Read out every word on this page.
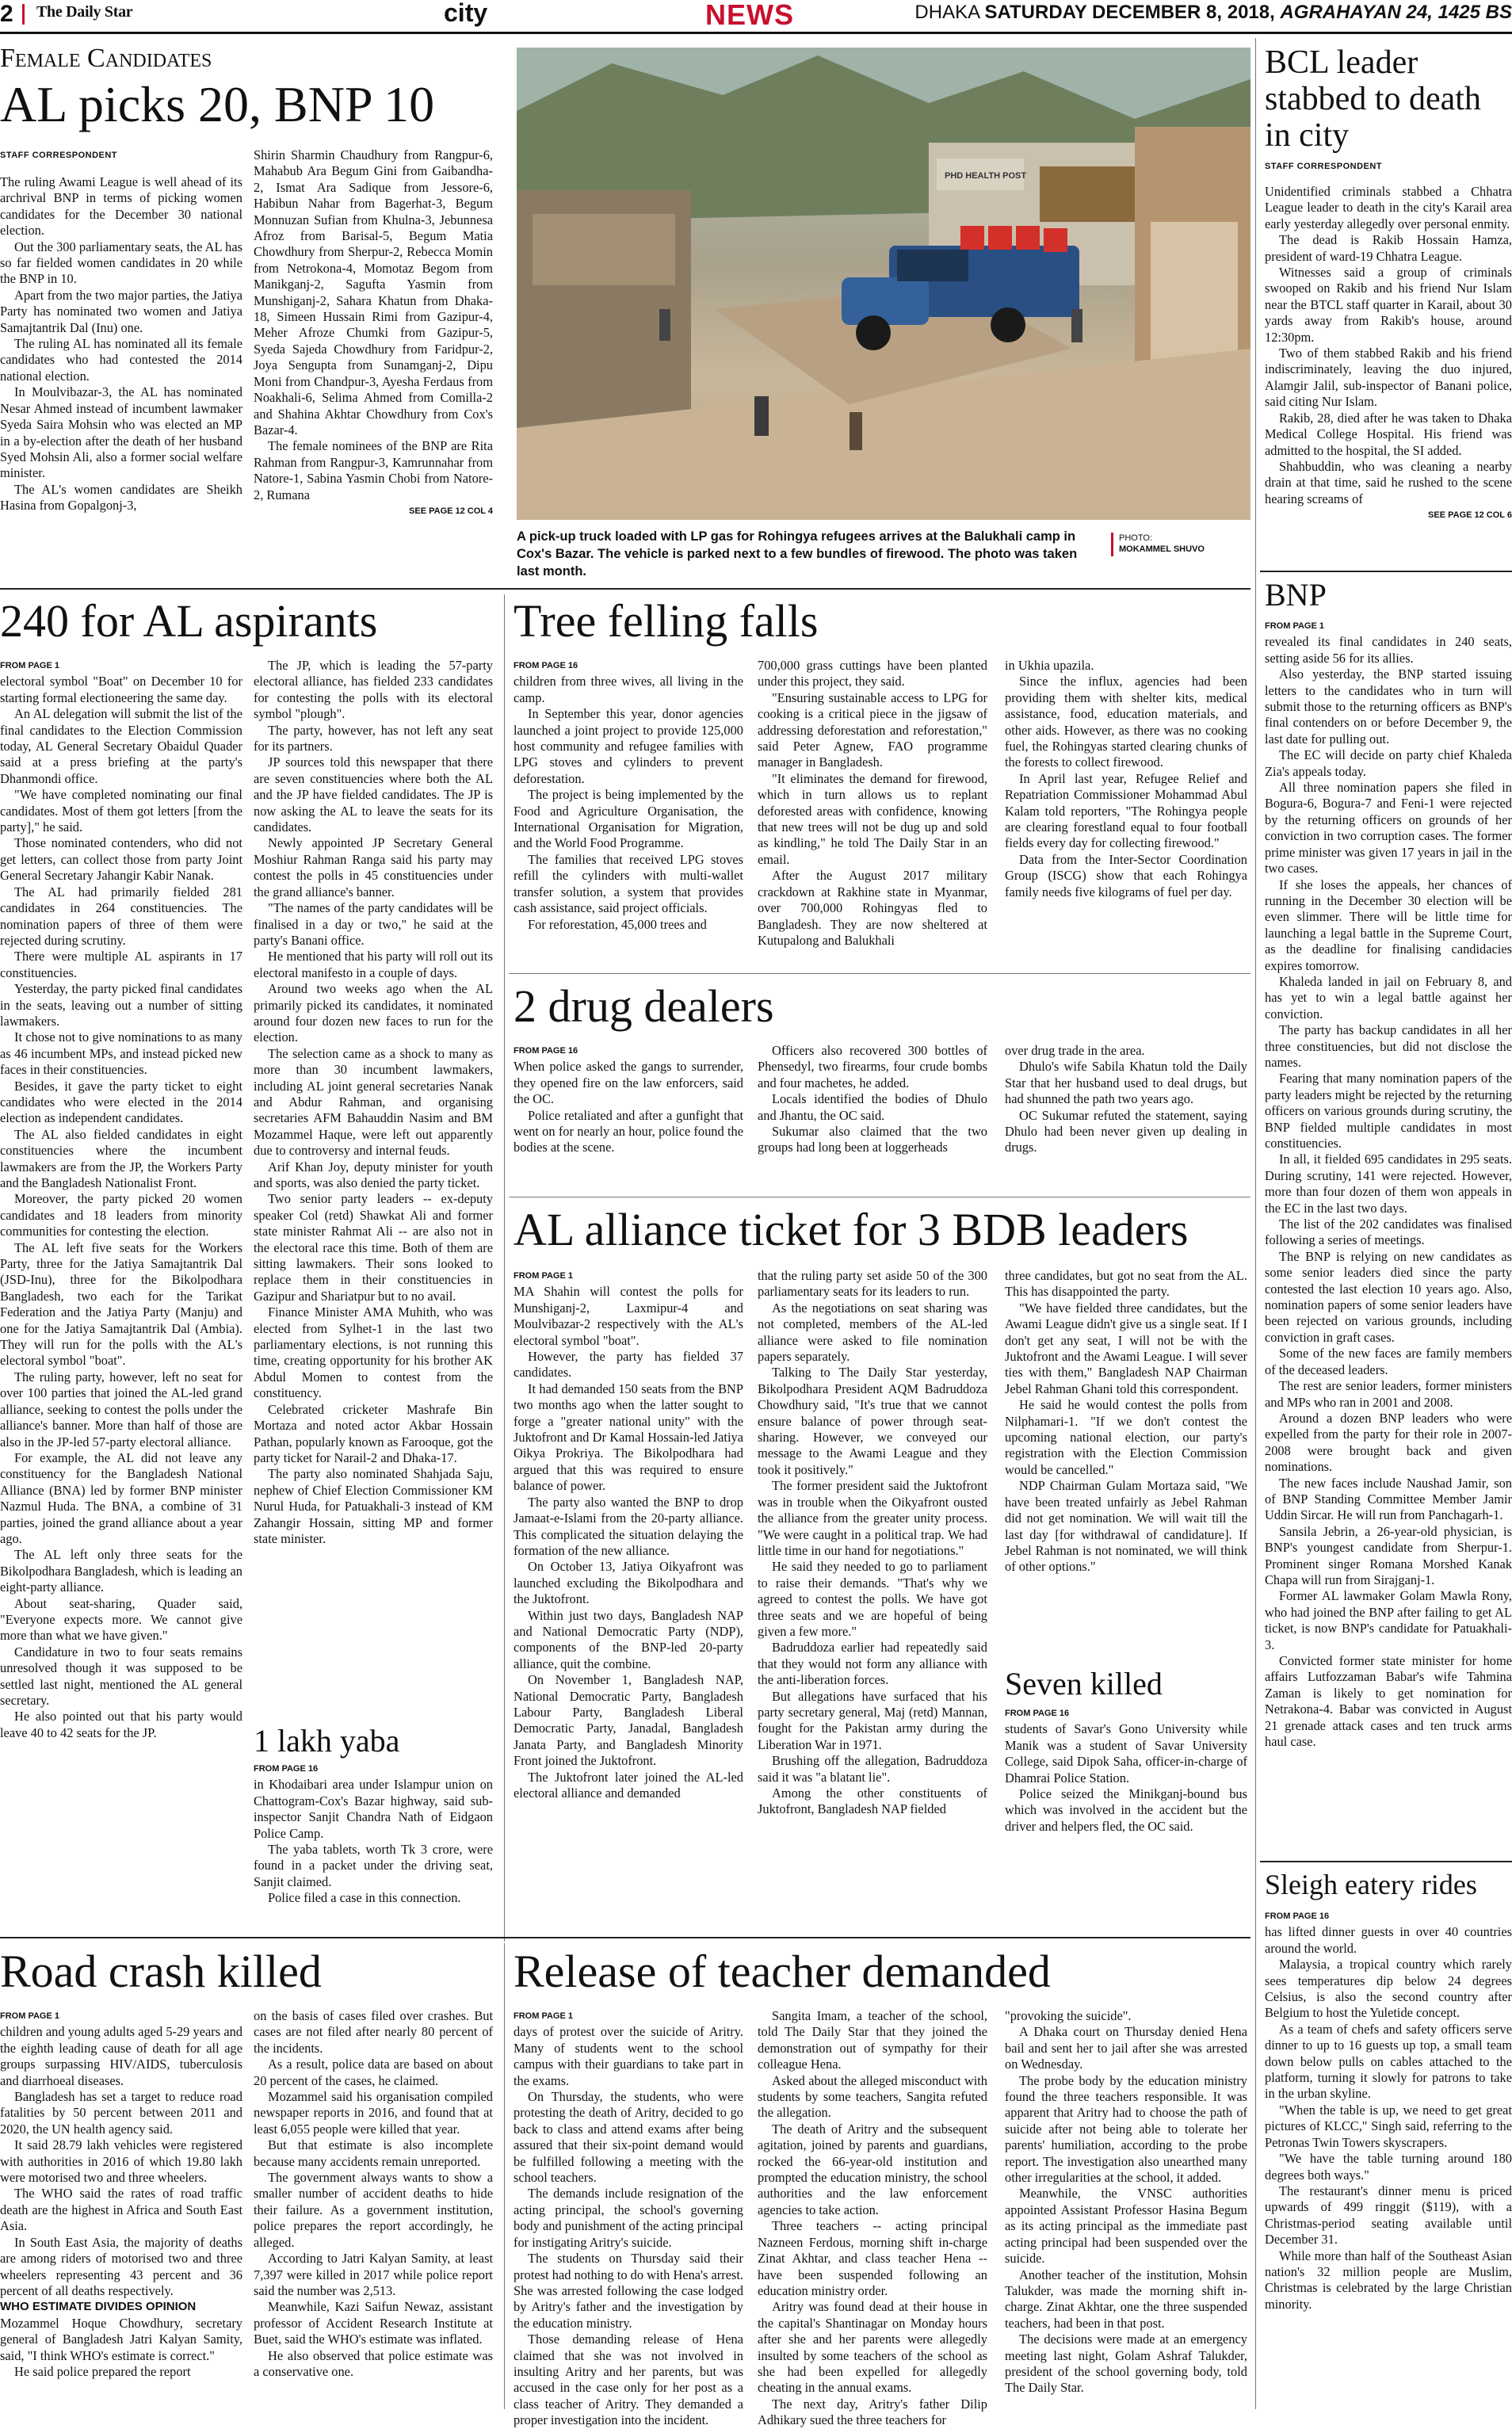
2	The Daily Star	city	NEWS	DHAKA SATURDAY DECEMBER 8, 2018, AGRAHAYAN 24, 1425 BS
Female Candidates
AL picks 20, BNP 10
STAFF CORRESPONDENT

The ruling Awami League is well ahead of its archrival BNP in terms of picking women candidates for the December 30 national election.

Out the 300 parliamentary seats, the AL has so far fielded women candidates in 20 while the BNP in 10.

Apart from the two major parties, the Jatiya Party has nominated two women and Jatiya Samajtantrik Dal (Inu) one.

The ruling AL has nominated all its female candidates who had contested the 2014 national election.

In Moulvibazar-3, the AL has nominated Nesar Ahmed instead of incumbent lawmaker Syeda Saira Mohsin who was elected an MP in a by-election after the death of her husband Syed Mohsin Ali, also a former social welfare minister.

The AL's women candidates are Sheikh Hasina from Gopalgonj-3,

Shirin Sharmin Chaudhury from Rangpur-6, Mahabub Ara Begum Gini from Gaibandha-2, Ismat Ara Sadique from Jessore-6, Habibun Nahar from Bagerhat-3, Begum Monnuzan Sufian from Khulna-3, Jebunnesa Afroz from Barisal-5, Begum Matia Chowdhury from Sherpur-2, Rebecca Momin from Netrokona-4, Momotaz Begom from Manikganj-2, Sagufta Yasmin from Munshiganj-2, Sahara Khatun from Dhaka-18, Simeen Hussain Rimi from Gazipur-4, Meher Afroze Chumki from Gazipur-5, Syeda Sajeda Chowdhury from Faridpur-2, Joya Sengupta from Sunamganj-2, Dipu Moni from Chandpur-3, Ayesha Ferdaus from Noakhali-6, Selima Ahmed from Comilla-2 and Shahina Akhtar Chowdhury from Cox's Bazar-4.

The female nominees of the BNP are Rita Rahman from Rangpur-3, Kamrunnahar from Natore-1, Sabina Yasmin Chobi from Natore-2, Rumana

SEE PAGE 12 COL 4

PHD HEALTH POST
A pick-up truck loaded with LP gas for Rohingya refugees arrives at the Balukhali camp in Cox's Bazar. The vehicle is parked next to a few bundles of firewood. The photo was taken last month.
PHOTO:
MOKAMMEL SHUVO
BCL leader stabbed to death in city
STAFF CORRESPONDENT

Unidentified criminals stabbed a Chhatra League leader to death in the city's Karail area early yesterday allegedly over personal enmity.

The dead is Rakib Hossain Hamza, president of ward-19 Chhatra League.

Witnesses said a group of criminals swooped on Rakib and his friend Nur Islam near the BTCL staff quarter in Karail, about 30 yards away from Rakib's house, around 12:30pm.

Two of them stabbed Rakib and his friend indiscriminately, leaving the duo injured, Alamgir Jalil, sub-inspector of Banani police, said citing Nur Islam.

Rakib, 28, died after he was taken to Dhaka Medical College Hospital. His friend was admitted to the hospital, the SI added.

Shahbuddin, who was cleaning a nearby drain at that time, said he rushed to the scene hearing screams of

SEE PAGE 12 COL 6

240 for AL aspirants

FROM PAGE 1

electoral symbol "Boat" on December 10 for starting formal electioneering the same day.

An AL delegation will submit the list of the final candidates to the Election Commission today, AL General Secretary Obaidul Quader said at a press briefing at the party's Dhanmondi office.

"We have completed nominating our final candidates. Most of them got letters [from the party]," he said.

Those nominated contenders, who did not get letters, can collect those from party Joint General Secretary Jahangir Kabir Nanak.

The AL had primarily fielded 281 candidates in 264 constituencies. The nomination papers of three of them were rejected during scrutiny.

There were multiple AL aspirants in 17 constituencies.

Yesterday, the party picked final candidates in the seats, leaving out a number of sitting lawmakers.

It chose not to give nominations to as many as 46 incumbent MPs, and instead picked new faces in their constituencies.

Besides, it gave the party ticket to eight candidates who were elected in the 2014 election as independent candidates.

The AL also fielded candidates in eight constituencies where the incumbent lawmakers are from the JP, the Workers Party and the Bangladesh Nationalist Front.

Moreover, the party picked 20 women candidates and 18 leaders from minority communities for contesting the election.

The AL left five seats for the Workers Party, three for the Jatiya Samajtantrik Dal (JSD-Inu), three for the Bikolpodhara Bangladesh, two each for the Tarikat Federation and the Jatiya Party (Manju) and one for the Jatiya Samajtantrik Dal (Ambia). They will run for the polls with the AL's electoral symbol "boat".

The ruling party, however, left no seat for over 100 parties that joined the AL-led grand alliance, seeking to contest the polls under the alliance's banner. More than half of those are also in the JP-led 57-party electoral alliance.

For example, the AL did not leave any constituency for the Bangladesh National Alliance (BNA) led by former BNP minister Nazmul Huda. The BNA, a combine of 31 parties, joined the grand alliance about a year ago.

The AL left only three seats for the Bikolpodhara Bangladesh, which is leading an eight-party alliance.

About seat-sharing, Quader said, "Everyone expects more. We cannot give more than what we have given."

Candidature in two to four seats remains unresolved though it was supposed to be settled last night, mentioned the AL general secretary.

He also pointed out that his party would leave 40 to 42 seats for the JP.

The JP, which is leading the 57-party electoral alliance, has fielded 233 candidates for contesting the polls with its electoral symbol "plough".

The party, however, has not left any seat for its partners.

JP sources told this newspaper that there are seven constituencies where both the AL and the JP have fielded candidates. The JP is now asking the AL to leave the seats for its candidates.

Newly appointed JP Secretary General Moshiur Rahman Ranga said his party may contest the polls in 45 constituencies under the grand alliance's banner.

"The names of the party candidates will be finalised in a day or two," he said at the party's Banani office.

He mentioned that his party will roll out its electoral manifesto in a couple of days.

Around two weeks ago when the AL primarily picked its candidates, it nominated around four dozen new faces to run for the election.

The selection came as a shock to many as more than 30 incumbent lawmakers, including AL joint general secretaries Nanak and Abdur Rahman, and organising secretaries AFM Bahauddin Nasim and BM Mozammel Haque, were left out apparently due to controversy and internal feuds.

Arif Khan Joy, deputy minister for youth and sports, was also denied the party ticket.

Two senior party leaders -- ex-deputy speaker Col (retd) Shawkat Ali and former state minister Rahmat Ali -- are also not in the electoral race this time. Both of them are sitting lawmakers. Their sons looked to replace them in their constituencies in Gazipur and Shariatpur but to no avail.

Finance Minister AMA Muhith, who was elected from Sylhet-1 in the last two parliamentary elections, is not running this time, creating opportunity for his brother AK Abdul Momen to contest from the constituency.

Celebrated cricketer Mashrafe Bin Mortaza and noted actor Akbar Hossain Pathan, popularly known as Farooque, got the party ticket for Narail-2 and Dhaka-17.

The party also nominated Shahjada Saju, nephew of Chief Election Commissioner KM Nurul Huda, for Patuakhali-3 instead of KM Zahangir Hossain, sitting MP and former state minister.

1 lakh yaba

FROM PAGE 16

in Khodaibari area under Islampur union on Chattogram-Cox's Bazar highway, said sub-inspector Sanjit Chandra Nath of Eidgaon Police Camp.

The yaba tablets, worth Tk 3 crore, were found in a packet under the driving seat, Sanjit claimed.

Police filed a case in this connection.

Tree felling falls

FROM PAGE 16

children from three wives, all living in the camp.

In September this year, donor agencies launched a joint project to provide 125,000 host community and refugee families with LPG stoves and cylinders to prevent deforestation.

The project is being implemented by the Food and Agriculture Organisation, the International Organisation for Migration, and the World Food Programme.

The families that received LPG stoves refill the cylinders with multi-wallet transfer solution, a system that provides cash assistance, said project officials.

For reforestation, 45,000 trees and

700,000 grass cuttings have been planted under this project, they said.

"Ensuring sustainable access to LPG for cooking is a critical piece in the jigsaw of addressing deforestation and reforestation," said Peter Agnew, FAO programme manager in Bangladesh.

"It eliminates the demand for firewood, which in turn allows us to replant deforested areas with confidence, knowing that new trees will not be dug up and sold as kindling," he told The Daily Star in an email.

After the August 2017 military crackdown at Rakhine state in Myanmar, over 700,000 Rohingyas fled to Bangladesh. They are now sheltered at Kutupalong and Balukhali

in Ukhia upazila.

Since the influx, agencies had been providing them with shelter kits, medical assistance, food, education materials, and other aids. However, as there was no cooking fuel, the Rohingyas started clearing chunks of the forests to collect firewood.

In April last year, Refugee Relief and Repatriation Commissioner Mohammad Abul Kalam told reporters, "The Rohingya people are clearing forestland equal to four football fields every day for collecting firewood."

Data from the Inter-Sector Coordination Group (ISCG) show that each Rohingya family needs five kilograms of fuel per day.

2 drug dealers

FROM PAGE 16

When police asked the gangs to surrender, they opened fire on the law enforcers, said the OC.

Police retaliated and after a gunfight that went on for nearly an hour, police found the bodies at the scene.

Officers also recovered 300 bottles of Phensedyl, two firearms, four crude bombs and four machetes, he added.

Locals identified the bodies of Dhulo and Jhantu, the OC said.

Sukumar also claimed that the two groups had long been at loggerheads

over drug trade in the area.

Dhulo's wife Sabila Khatun told the Daily Star that her husband used to deal drugs, but had shunned the path two years ago.

OC Sukumar refuted the statement, saying Dhulo had been never given up dealing in drugs.

AL alliance ticket for 3 BDB leaders

FROM PAGE 1

MA Shahin will contest the polls for Munshiganj-2, Laxmipur-4 and Moulvibazar-2 respectively with the AL's electoral symbol "boat".

However, the party has fielded 37 candidates.

It had demanded 150 seats from the BNP two months ago when the latter sought to forge a "greater national unity" with the Juktofront and Dr Kamal Hossain-led Jatiya Oikya Prokriya. The Bikolpodhara had argued that this was required to ensure balance of power.

The party also wanted the BNP to drop Jamaat-e-Islami from the 20-party alliance. This complicated the situation delaying the formation of the new alliance.

On October 13, Jatiya Oikyafront was launched excluding the Bikolpodhara and the Juktofront.

Within just two days, Bangladesh NAP and National Democratic Party (NDP), components of the BNP-led 20-party alliance, quit the combine.

On November 1, Bangladesh NAP, National Democratic Party, Bangladesh Labour Party, Bangladesh Liberal Democratic Party, Janadal, Bangladesh Janata Party, and Bangladesh Minority Front joined the Juktofront.

The Juktofront later joined the AL-led electoral alliance and demanded

that the ruling party set aside 50 of the 300 parliamentary seats for its leaders to run.

As the negotiations on seat sharing was not completed, members of the AL-led alliance were asked to file nomination papers separately.

Talking to The Daily Star yesterday, Bikolpodhara President AQM Badruddoza Chowdhury said, "It's true that we cannot ensure balance of power through seat-sharing. However, we conveyed our message to the Awami League and they took it positively."

The former president said the Juktofront was in trouble when the Oikyafront ousted the alliance from the greater unity process. "We were caught in a political trap. We had little time in our hand for negotiations."

He said they needed to go to parliament to raise their demands. "That's why we agreed to contest the polls. We have got three seats and we are hopeful of being given a few more."

Badruddoza earlier had repeatedly said that they would not form any alliance with the anti-liberation forces.

But allegations have surfaced that his party secretary general, Maj (retd) Mannan, fought for the Pakistan army during the Liberation War in 1971.

Brushing off the allegation, Badruddoza said it was "a blatant lie".

Among the other constituents of Juktofront, Bangladesh NAP fielded

three candidates, but got no seat from the AL. This has disappointed the party.

"We have fielded three candidates, but the Awami League didn't give us a single seat. If I don't get any seat, I will not be with the Juktofront and the Awami League. I will sever ties with them," Bangladesh NAP Chairman Jebel Rahman Ghani told this correspondent.

He said he would contest the polls from Nilphamari-1. "If we don't contest the upcoming national election, our party's registration with the Election Commission would be cancelled."

NDP Chairman Gulam Mortaza said, "We have been treated unfairly as Jebel Rahman did not get nomination. We will wait till the last day [for withdrawal of candidature]. If Jebel Rahman is not nominated, we will think of other options."

Seven killed

FROM PAGE 16

students of Savar's Gono University while Manik was a student of Savar University College, said Dipok Saha, officer-in-charge of Dhamrai Police Station.

Police seized the Minikganj-bound bus which was involved in the accident but the driver and helpers fled, the OC said.

BNP

FROM PAGE 1

revealed its final candidates in 240 seats, setting aside 56 for its allies.

Also yesterday, the BNP started issuing letters to the candidates who in turn will submit those to the returning officers as BNP's final contenders on or before December 9, the last date for pulling out.

The EC will decide on party chief Khaleda Zia's appeals today.

All three nomination papers she filed in Bogura-6, Bogura-7 and Feni-1 were rejected by the returning officers on grounds of her conviction in two corruption cases. The former prime minister was given 17 years in jail in the two cases.

If she loses the appeals, her chances of running in the December 30 election will be even slimmer. There will be little time for launching a legal battle in the Supreme Court, as the deadline for finalising candidacies expires tomorrow.

Khaleda landed in jail on February 8, and has yet to win a legal battle against her conviction.

The party has backup candidates in all her three constituencies, but did not disclose the names.

Fearing that many nomination papers of the party leaders might be rejected by the returning officers on various grounds during scrutiny, the BNP fielded multiple candidates in most constituencies.

In all, it fielded 695 candidates in 295 seats. During scrutiny, 141 were rejected. However, more than four dozen of them won appeals in the EC in the last two days.

The list of the 202 candidates was finalised following a series of meetings.

The BNP is relying on new candidates as some senior leaders died since the party contested the last election 10 years ago. Also, nomination papers of some senior leaders have been rejected on various grounds, including conviction in graft cases.

Some of the new faces are family members of the deceased leaders.

The rest are senior leaders, former ministers and MPs who ran in 2001 and 2008.

Around a dozen BNP leaders who were expelled from the party for their role in 2007-2008 were brought back and given nominations.

The new faces include Naushad Jamir, son of BNP Standing Committee Member Jamir Uddin Sircar. He will run from Panchagarh-1.

Sansila Jebrin, a 26-year-old physician, is BNP's youngest candidate from Sherpur-1. Prominent singer Romana Morshed Kanak Chapa will run from Sirajganj-1.

Former AL lawmaker Golam Mawla Rony, who had joined the BNP after failing to get AL ticket, is now BNP's candidate for Patuakhali-3.

Convicted former state minister for home affairs Lutfozzaman Babar's wife Tahmina Zaman is likely to get nomination for Netrakona-4. Babar was convicted in August 21 grenade attack cases and ten truck arms haul case.

Sleigh eatery rides

FROM PAGE 16

has lifted dinner guests in over 40 countries around the world.

Malaysia, a tropical country which rarely sees temperatures dip below 24 degrees Celsius, is also the second country after Belgium to host the Yuletide concept.

As a team of chefs and safety officers serve dinner to up to 16 guests up top, a small team down below pulls on cables attached to the platform, turning it slowly for patrons to take in the urban skyline.

"When the table is up, we need to get great pictures of KLCC," Singh said, referring to the Petronas Twin Towers skyscrapers.

"We have the table turning around 180 degrees both ways."

The restaurant's dinner menu is priced upwards of 499 ringgit ($119), with a Christmas-period seating available until December 31.

While more than half of the Southeast Asian nation's 32 million people are Muslim, Christmas is celebrated by the large Christian minority.

Road crash killed

FROM PAGE 1

children and young adults aged 5-29 years and the eighth leading cause of death for all age groups surpassing HIV/AIDS, tuberculosis and diarrhoeal diseases.

Bangladesh has set a target to reduce road fatalities by 50 percent between 2011 and 2020, the UN health agency said.

It said 28.79 lakh vehicles were registered with authorities in 2016 of which 19.80 lakh were motorised two and three wheelers.

The WHO said the rates of road traffic death are the highest in Africa and South East Asia.

In South East Asia, the majority of deaths are among riders of motorised two and three wheelers representing 43 percent and 36 percent of all deaths respectively.

WHO ESTIMATE DIVIDES OPINION

Mozammel Hoque Chowdhury, secretary general of Bangladesh Jatri Kalyan Samity, said, "I think WHO's estimate is correct."

He said police prepared the report

on the basis of cases filed over crashes. But cases are not filed after nearly 80 percent of the incidents.

As a result, police data are based on about 20 percent of the cases, he claimed.

Mozammel said his organisation compiled newspaper reports in 2016, and found that at least 6,055 people were killed that year.

But that estimate is also incomplete because many accidents remain unreported.

The government always wants to show a smaller number of accident deaths to hide their failure. As a government institution, police prepares the report accordingly, he alleged.

According to Jatri Kalyan Samity, at least 7,397 were killed in 2017 while police report said the number was 2,513.

Meanwhile, Kazi Saifun Newaz, assistant professor of Accident Research Institute at Buet, said the WHO's estimate was inflated.

He also observed that police estimate was a conservative one.

Release of teacher demanded

FROM PAGE 1

days of protest over the suicide of Aritry. Many of students went to the school campus with their guardians to take part in the exams.

On Thursday, the students, who were protesting the death of Aritry, decided to go back to class and attend exams after being assured that their six-point demand would be fulfilled following a meeting with the school teachers.

The demands include resignation of the acting principal, the school's governing body and punishment of the acting principal for instigating Aritry's suicide.

The students on Thursday said their protest had nothing to do with Hena's arrest. She was arrested following the case lodged by Aritry's father and the investigation by the education ministry.

Those demanding release of Hena claimed that she was not involved in insulting Aritry and her parents, but was accused in the case only for her post as a class teacher of Aritry. They demanded a proper investigation into the incident.

Sangita Imam, a teacher of the school, told The Daily Star that they joined the demonstration out of sympathy for their colleague Hena.

Asked about the alleged misconduct with students by some teachers, Sangita refuted the allegation.

The death of Aritry and the subsequent agitation, joined by parents and guardians, rocked the 66-year-old institution and prompted the education ministry, the school authorities and the law enforcement agencies to take action.

Three teachers -- acting principal Nazneen Ferdous, morning shift in-charge Zinat Akhtar, and class teacher Hena -- have been suspended following an education ministry order.

Aritry was found dead at their house in the capital's Shantinagar on Monday hours after she and her parents were allegedly insulted by some teachers of the school as she had been expelled for allegedly cheating in the annual exams.

The next day, Aritry's father Dilip Adhikary sued the three teachers for

"provoking the suicide".

A Dhaka court on Thursday denied Hena bail and sent her to jail after she was arrested on Wednesday.

The probe body by the education ministry found the three teachers responsible. It was apparent that Aritry had to choose the path of suicide after not being able to tolerate her parents' humiliation, according to the probe report. The investigation also unearthed many other irregularities at the school, it added.

Meanwhile, the VNSC authorities appointed Assistant Professor Hasina Begum as its acting principal as the immediate past acting principal had been suspended over the suicide.

Another teacher of the institution, Mohsin Talukder, was made the morning shift in-charge. Zinat Akhtar, one the three suspended teachers, had been in that post.

The decisions were made at an emergency meeting last night, Golam Ashraf Talukder, president of the school governing body, told The Daily Star.
